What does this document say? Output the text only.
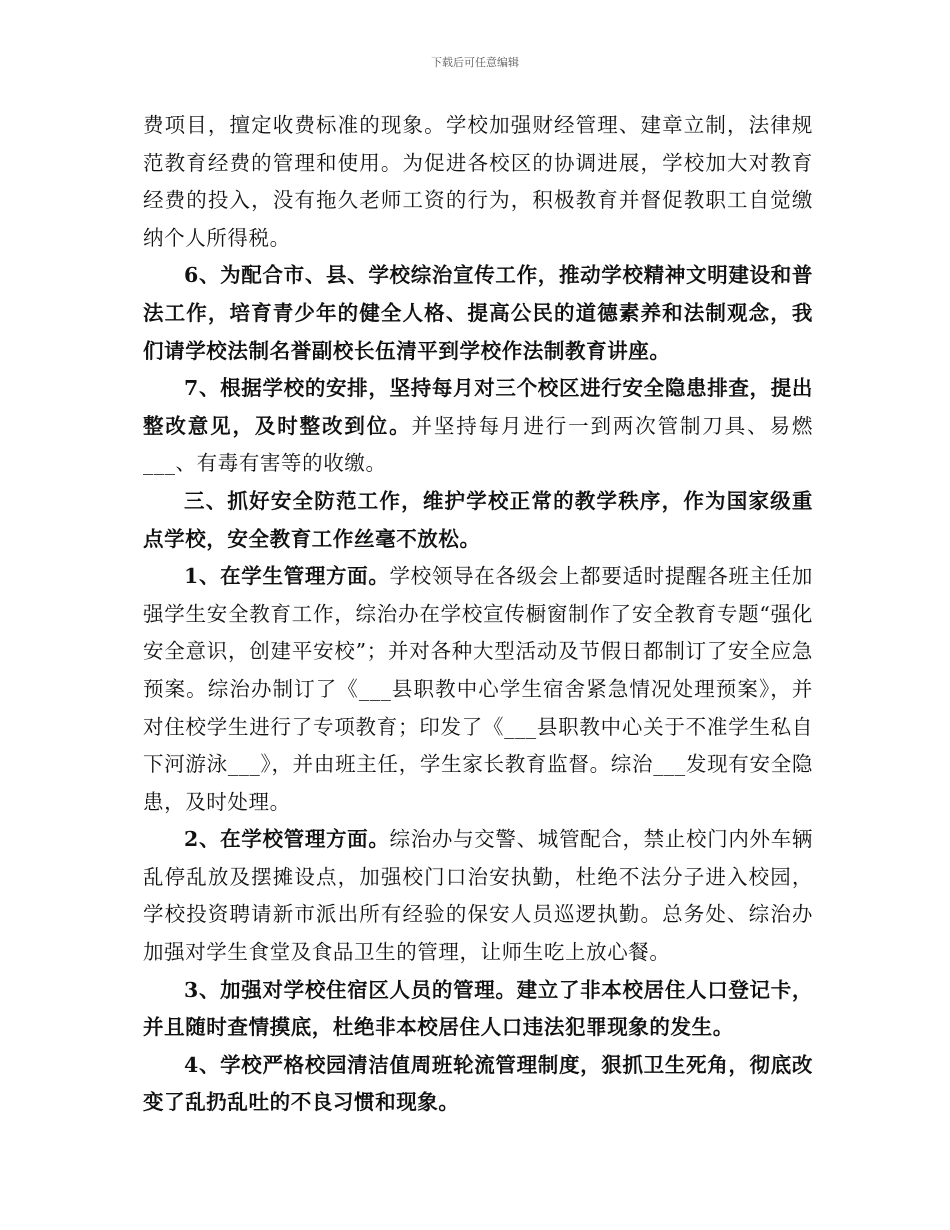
下载后可任意编辑

费项目，擅定收费标准的现象。学校加强财经管理、建章立制，法律规范教育经费的管理和使用。为促进各校区的协调进展，学校加大对教育经费的投入，没有拖久老师工资的行为，积极教育并督促教职工自觉缴纳个人所得税。

6、为配合市、县、学校综治宣传工作，推动学校精神文明建设和普法工作，培育青少年的健全人格、提高公民的道德素养和法制观念，我们请学校法制名誉副校长伍清平到学校作法制教育讲座。

7、根据学校的安排，坚持每月对三个校区进行安全隐患排查，提出整改意见，及时整改到位。并坚持每月进行一到两次管制刀具、易燃___、有毒有害等的收缴。

三、抓好安全防范工作，维护学校正常的教学秩序，作为国家级重点学校，安全教育工作丝毫不放松。

1、在学生管理方面。学校领导在各级会上都要适时提醒各班主任加强学生安全教育工作，综治办在学校宣传橱窗制作了安全教育专题“强化安全意识，创建平安校”；并对各种大型活动及节假日都制订了安全应急预案。综治办制订了《___县职教中心学生宿舍紧急情况处理预案》，并对住校学生进行了专项教育；印发了《___县职教中心关于不准学生私自下河游泳___》，并由班主任，学生家长教育监督。综治___发现有安全隐患，及时处理。

2、在学校管理方面。综治办与交警、城管配合，禁止校门内外车辆乱停乱放及摆摊设点，加强校门口治安执勤，杜绝不法分子进入校园，学校投资聘请新市派出所有经验的保安人员巡逻执勤。总务处、综治办加强对学生食堂及食品卫生的管理，让师生吃上放心餐。

3、加强对学校住宿区人员的管理。建立了非本校居住人口登记卡，并且随时查情摸底，杜绝非本校居住人口违法犯罪现象的发生。

4、学校严格校园清洁值周班轮流管理制度，狠抓卫生死角，彻底改变了乱扔乱吐的不良习惯和现象。
